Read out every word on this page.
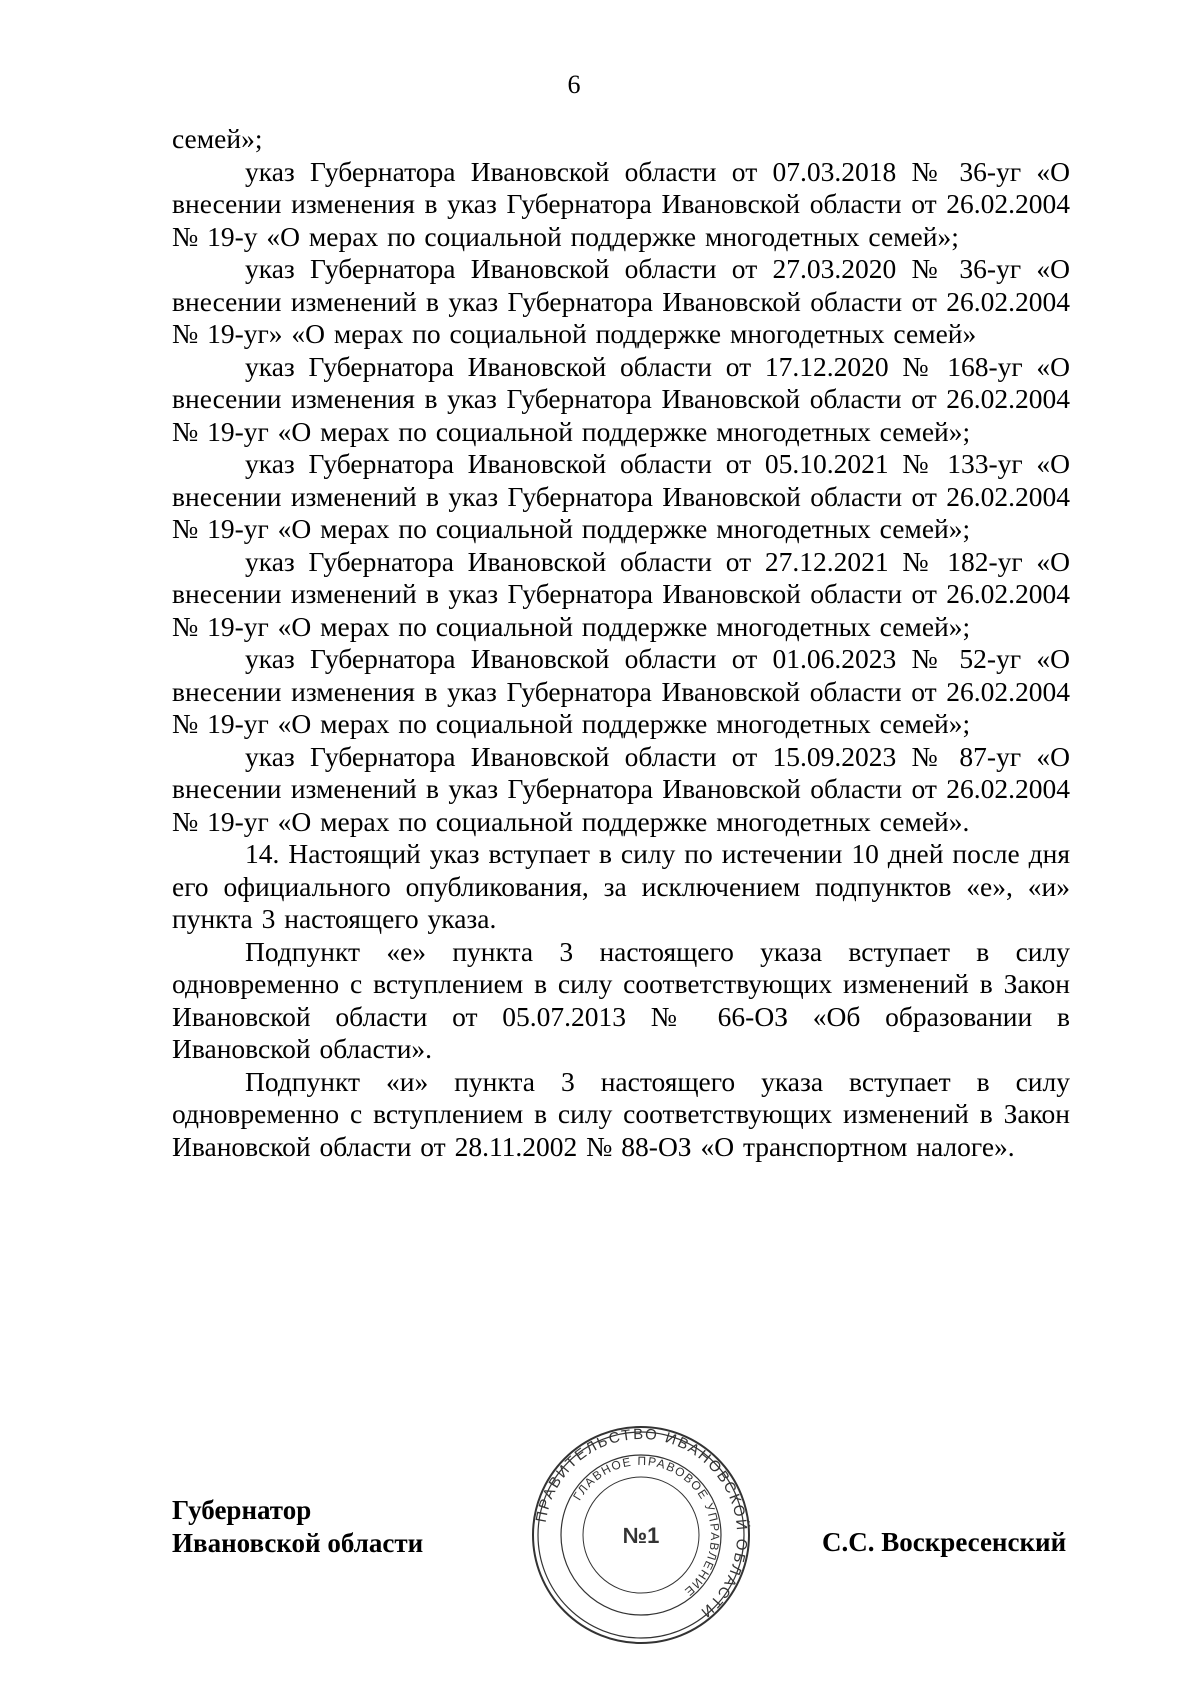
6

семей»;

указ Губернатора Ивановской области от 07.03.2018 № 36-уг «О внесении изменения в указ Губернатора Ивановской области от 26.02.2004 № 19-у «О мерах по социальной поддержке многодетных семей»;

указ Губернатора Ивановской области от 27.03.2020 № 36-уг «О внесении изменений в указ Губернатора Ивановской области от 26.02.2004 № 19-уг» «О мерах по социальной поддержке многодетных семей»

указ Губернатора Ивановской области от 17.12.2020 № 168-уг «О внесении изменения в указ Губернатора Ивановской области от 26.02.2004 № 19-уг «О мерах по социальной поддержке многодетных семей»;

указ Губернатора Ивановской области от 05.10.2021 № 133-уг «О внесении изменений в указ Губернатора Ивановской области от 26.02.2004 № 19-уг «О мерах по социальной поддержке многодетных семей»;

указ Губернатора Ивановской области от 27.12.2021 № 182-уг «О внесении изменений в указ Губернатора Ивановской области от 26.02.2004 № 19-уг «О мерах по социальной поддержке многодетных семей»;

указ Губернатора Ивановской области от 01.06.2023 № 52-уг «О внесении изменения в указ Губернатора Ивановской области от 26.02.2004 № 19-уг «О мерах по социальной поддержке многодетных семей»;

указ Губернатора Ивановской области от 15.09.2023 № 87-уг «О внесении изменений в указ Губернатора Ивановской области от 26.02.2004 № 19-уг «О мерах по социальной поддержке многодетных семей».

14. Настоящий указ вступает в силу по истечении 10 дней после дня его официального опубликования, за исключением подпунктов «е», «и» пункта 3 настоящего указа.

Подпункт «е» пункта 3 настоящего указа вступает в силу одновременно с вступлением в силу соответствующих изменений в Закон Ивановской области от 05.07.2013 № 66-ОЗ «Об образовании в Ивановской области».

Подпункт «и» пункта 3 настоящего указа вступает в силу одновременно с вступлением в силу соответствующих изменений в Закон Ивановской области от 28.11.2002 № 88-ОЗ «О транспортном налоге».

Губернатор
Ивановской области
ПРАВИТЕЛЬСТВО ИВАНОВСКОЙ ОБЛАСТИ
ГЛАВНОЕ ПРАВОВОЕ УПРАВЛЕНИЕ
№1	С.С. Воскресенский
